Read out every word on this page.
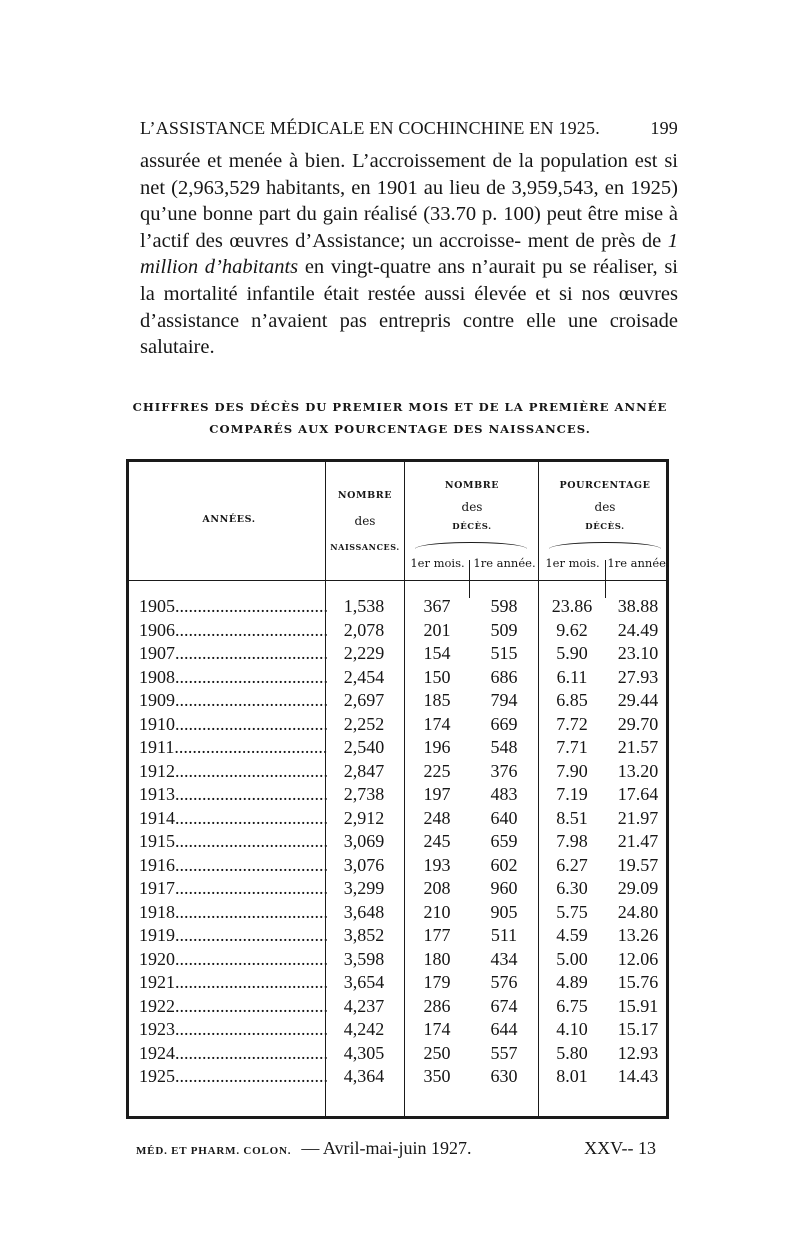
L’ASSISTANCE MÉDICALE EN COCHINCHINE EN 1925.	199
assurée et menée à bien. L’accroissement de la population est si net (2,963,529 habitants, en 1901 au lieu de 3,959,543, en 1925) qu’une bonne part du gain réalisé (33.70 p. 100) peut être mise à l’actif des œuvres d’Assistance; un accroisse- ment de près de 1 million d’habitants en vingt-quatre ans n’aurait pu se réaliser, si la mortalité infantile était restée aussi élevée et si nos œuvres d’assistance n’avaient pas entrepris contre elle une croisade salutaire.
CHIFFRES DES DÉCÈS DU PREMIER MOIS ET DE LA PREMIÈRE ANNÉE
COMPARÉS AUX POURCENTAGE DES NAISSANCES.
ANNÉES.
NOMBRE
des
NAISSANCES.
NOMBRE
des
DÉCÈS.
POURCENTAGE
des
DÉCÈS.
1er mois. 1re année. 1er mois. 1re année.
1905.................................. 1,538	367	598	23.86	38.88
1906.................................. 2,078	201	509	9.62	24.49
1907.................................. 2,229	154	515	5.90	23.10
1908.................................. 2,454	150	686	6.11	27.93
1909.................................. 2,697	185	794	6.85	29.44
1910.................................. 2,252	174	669	7.72	29.70
1911.................................. 2,540	196	548	7.71	21.57
1912.................................. 2,847	225	376	7.90	13.20
1913.................................. 2,738	197	483	7.19	17.64
1914.................................. 2,912	248	640	8.51	21.97
1915.................................. 3,069	245	659	7.98	21.47
1916.................................. 3,076	193	602	6.27	19.57
1917.................................. 3,299	208	960	6.30	29.09
1918.................................. 3,648	210	905	5.75	24.80
1919.................................. 3,852	177	511	4.59	13.26
1920.................................. 3,598	180	434	5.00	12.06
1921.................................. 3,654	179	576	4.89	15.76
1922.................................. 4,237	286	674	6.75	15.91
1923.................................. 4,242	174	644	4.10	15.17
1924.................................. 4,305	250	557	5.80	12.93
1925.................................. 4,364	350	630	8.01	14.43
MÉD. ET PHARM. COLON. — Avril-mai-juin 1927.	XXV-- 13
